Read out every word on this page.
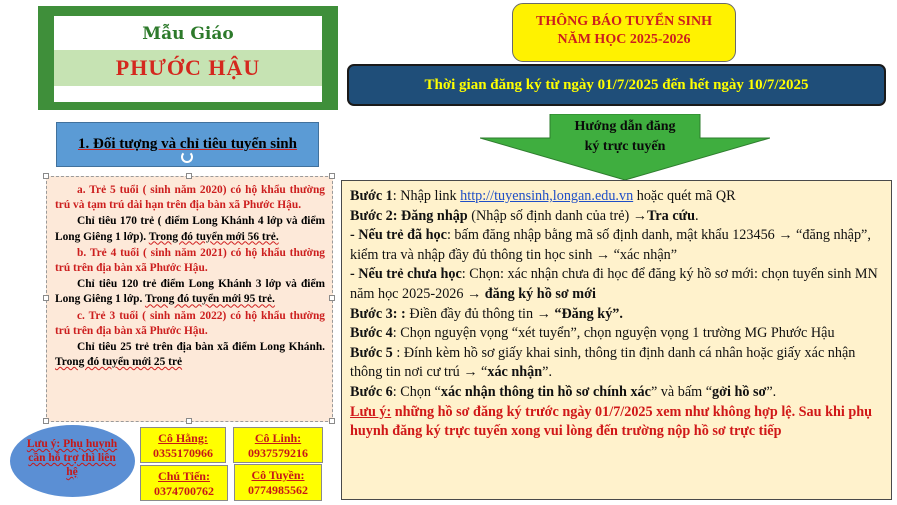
Mẫu Giáo
PHƯỚC HẬU
THÔNG BÁO TUYỂN SINH
NĂM HỌC 2025-2026
Thời gian đăng ký từ ngày 01/7/2025 đến hết ngày 10/7/2025
1. Đối tượng và chỉ tiêu tuyển sinh

a. Trẻ 5 tuổi ( sinh năm 2020) có hộ khẩu thường trú và tạm trú dài hạn trên địa bàn xã Phước Hậu.

Chỉ tiêu 170 trẻ ( điểm Long Khánh 4 lớp và điểm Long Giêng 1 lớp). Trong đó tuyển mới 56 trẻ.

b. Trẻ 4 tuổi ( sinh năm 2021) có hộ khẩu thường trú trên địa bàn xã Phước Hậu.

Chỉ tiêu 120 trẻ điểm Long Khánh 3 lớp và điểm Long Giêng 1 lớp. Trong đó tuyển mới 95 trẻ.

c. Trẻ 3 tuổi ( sinh năm 2022) có hộ khẩu thường trú trên địa bàn xã Phước Hậu.

Chỉ tiêu 25 trẻ trên địa bàn xã điểm Long Khánh. Trong đó tuyển mới 25 trẻ

Hướng dẫn đăng
ký trực tuyến

Bước 1: Nhập link http://tuyensinh,longan.edu.vn hoặc quét mã QR

Bước 2: Đăng nhập (Nhập số định danh của trẻ) →Tra cứu.

- Nếu trẻ đã học: bấm đăng nhập bằng mã số định danh, mật khẩu 123456 → “đăng nhập”, kiểm tra và nhập đầy đủ thông tin học sinh → “xác nhận”

- Nếu trẻ chưa học: Chọn: xác nhận chưa đi học để đăng ký hồ sơ mới: chọn tuyển sinh MN năm học 2025-2026 → đăng ký hồ sơ mới

Bước 3: : Điền đầy đủ thông tin → “Đăng ký”.

Bước 4: Chọn nguyện vọng “xét tuyển”, chọn nguyện vọng 1 trường MG Phước Hậu

Bước 5 : Đính kèm hồ sơ giấy khai sinh, thông tin định danh cá nhân hoặc giấy xác nhận thông tin nơi cư trú → “xác nhận”.

Bước 6: Chọn “xác nhận thông tin hồ sơ chính xác” và bấm “gởi hồ sơ”.

Lưu ý: những hồ sơ đăng ký trước ngày 01/7/2025 xem như không hợp lệ. Sau khi phụ huynh đăng ký trực tuyến xong vui lòng đến trường nộp hồ sơ trực tiếp

Lưu ý: Phụ huynh cần hỗ trợ thì liên hệ
Cô Hằng:
0355170966
Cô Linh:
0937579216
Chú Tiến:
0374700762
Cô Tuyền:
0774985562
